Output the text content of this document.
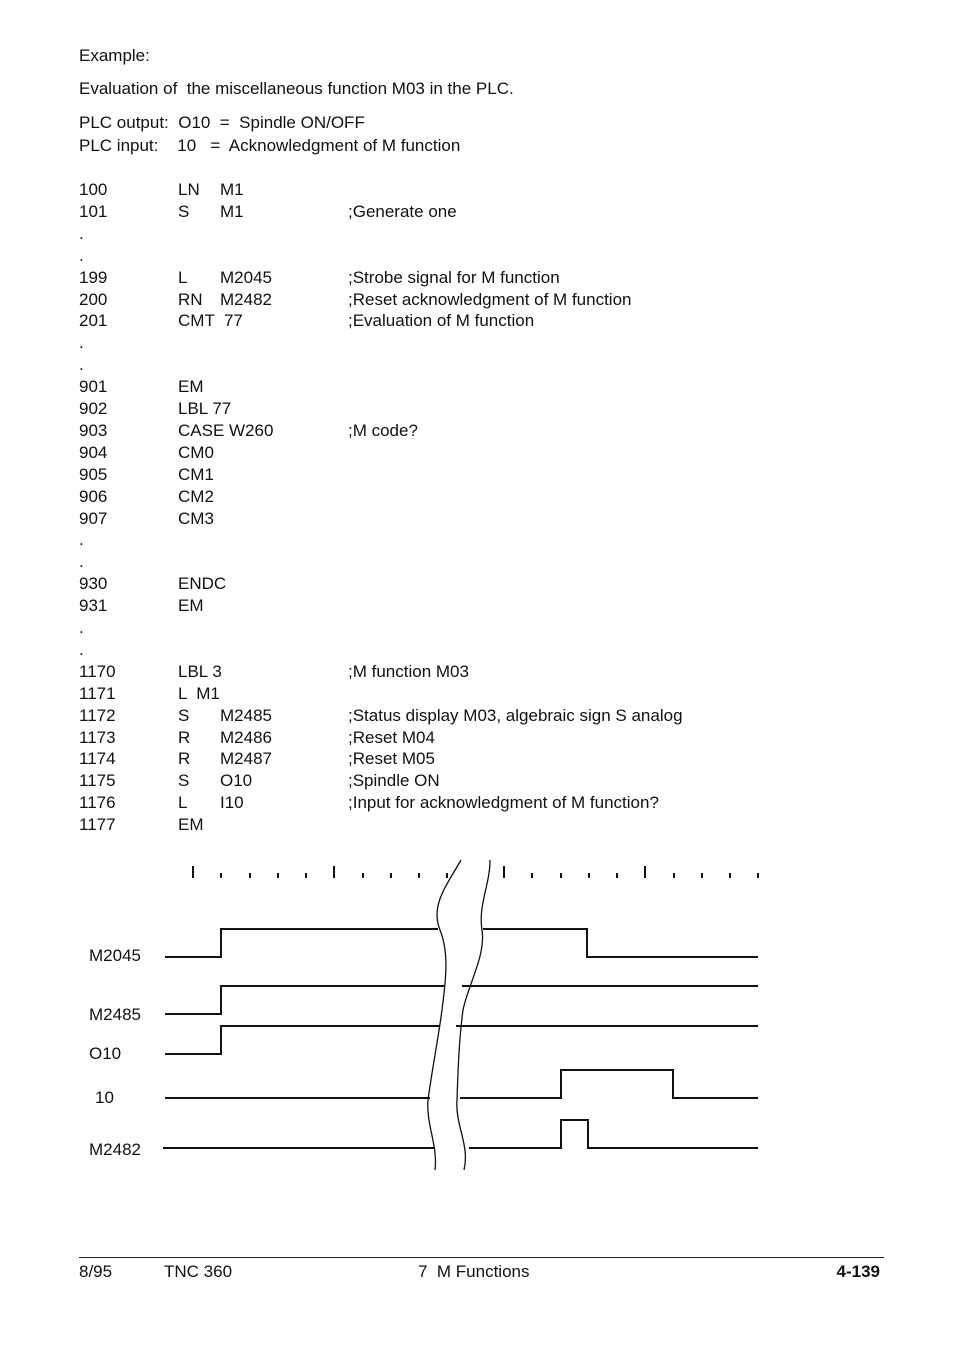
Example:
Evaluation of  the miscellaneous function M03 in the PLC.
PLC output:  O10  =  Spindle ON/OFF
PLC input:    10   =  Acknowledgment of M function
100	LN M1
101	S M1	;Generate one
.
.
199	L M2045	;Strobe signal for M function
200	RN M2482	;Reset acknowledgment of M function
201	CMT  77	;Evaluation of M function
.
.
901	EM
902	LBL 77
903	CASE W260	;M code?
904	CM0
905	CM1
906	CM2
907	CM3
.
.
930	ENDC
931	EM
.
.
1170	LBL 3	;M function M03
1171	L  M1
1172	S M2485	;Status display M03, algebraic sign S analog
1173	R M2486	;Reset M04
1174	R M2487	;Reset M05
1175	S O10	;Spindle ON
1176	L I10	;Input for acknowledgment of M function?
1177	EM
M2045
M2485
O10
10
M2482
8/95	TNC 360	7  M Functions	4-139
